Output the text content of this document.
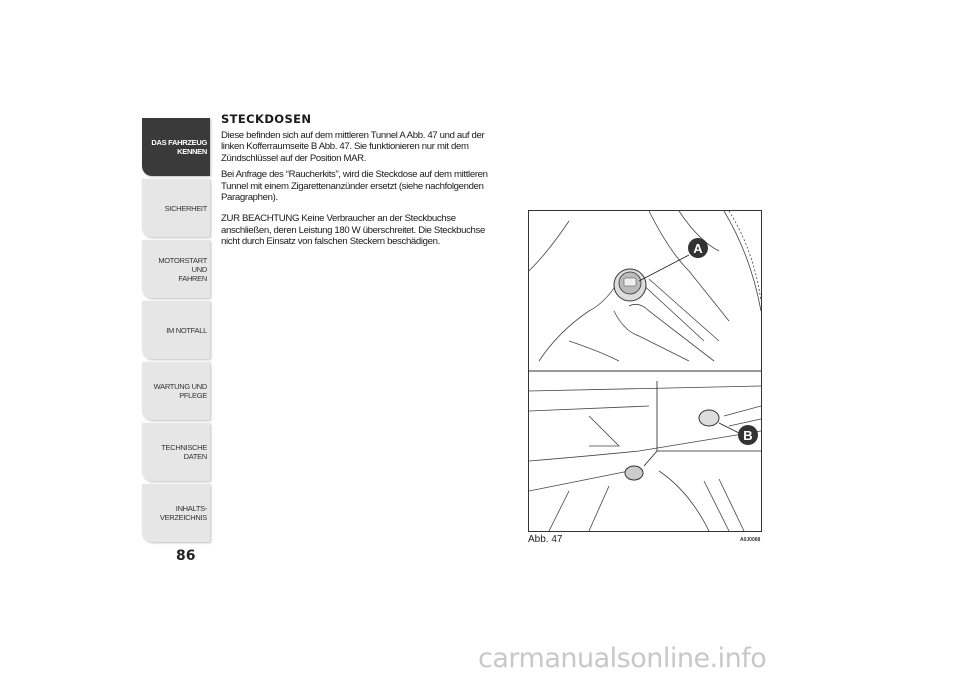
DAS FAHRZEUG
KENNEN
SICHERHEIT
MOTORSTART UND
FAHREN
IM NOTFALL
WARTUNG UND
PFLEGE
TECHNISCHE DATEN
INHALTS-
VERZEICHNIS
86
STECKDOSEN

Diese befinden sich auf dem mittleren Tunnel A Abb. 47 und auf der linken Kofferraumseite B Abb. 47. Sie funktionieren nur mit dem Zündschlüssel auf der Position MAR.

Bei Anfrage des “Raucherkits”, wird die Steckdose auf dem mittleren Tunnel mit einem Zigarettenanzünder ersetzt (siehe nachfolgenden Paragraphen).

ZUR BEACHTUNG Keine Verbraucher an der Steckbuchse anschließen, deren Leistung 180 W überschreitet. Die Steckbuchse nicht durch Einsatz von falschen Steckern beschädigen.	A
B
Abb. 47	A0J0068
carmanualsonline.info
